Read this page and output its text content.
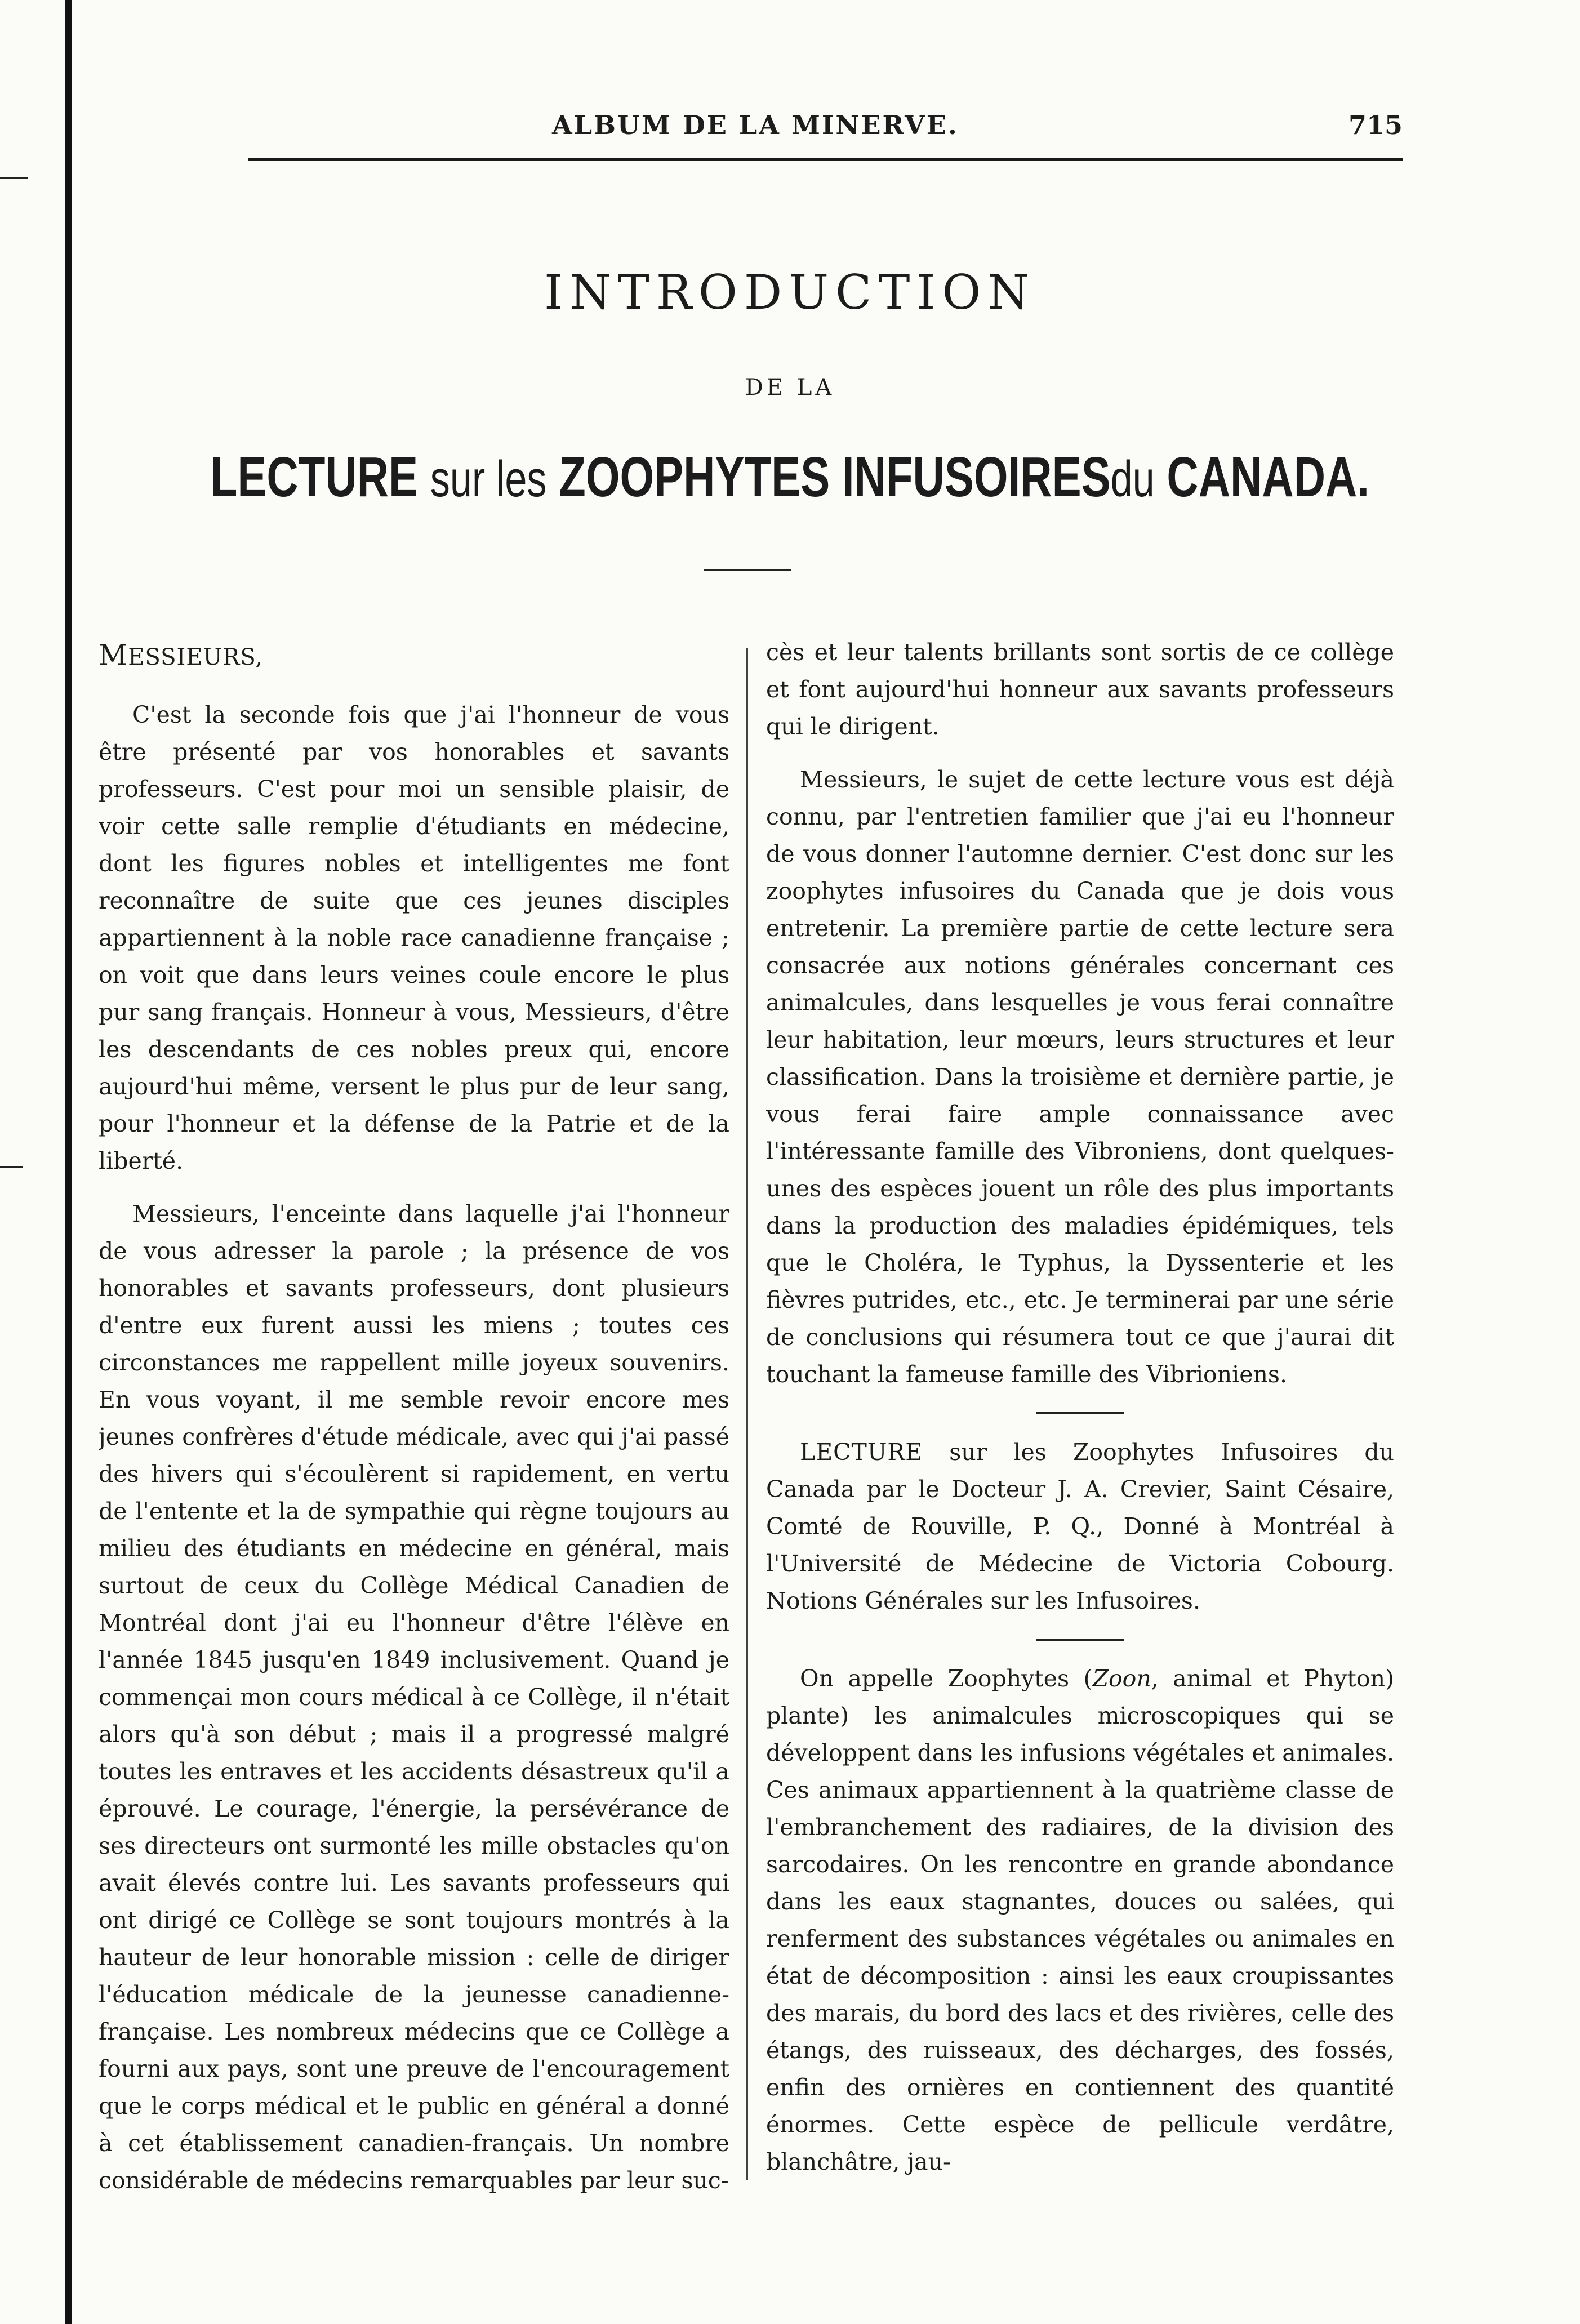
ALBUM DE LA MINERVE.	715
INTRODUCTION
DE LA
LECTURE sur les ZOOPHYTES INFUSOIRESdu CANADA.
MESSIEURS,

C'est la seconde fois que j'ai l'honneur de vous être présenté par vos honorables et savants professeurs. C'est pour moi un sensible plaisir, de voir cette salle remplie d'étudiants en médecine, dont les figures nobles et intelligentes me font reconnaître de suite que ces jeunes disciples appartiennent à la noble race canadienne française ; on voit que dans leurs veines coule encore le plus pur sang français. Honneur à vous, Messieurs, d'être les descendants de ces nobles preux qui, encore aujourd'hui même, versent le plus pur de leur sang, pour l'honneur et la défense de la Patrie et de la liberté.

Messieurs, l'enceinte dans laquelle j'ai l'honneur de vous adresser la parole ; la présence de vos honorables et savants professeurs, dont plusieurs d'entre eux furent aussi les miens ; toutes ces circonstances me rappellent mille joyeux souvenirs. En vous voyant, il me semble revoir encore mes jeunes confrères d'étude médicale, avec qui j'ai passé des hivers qui s'écoulèrent si rapidement, en vertu de l'entente et la de sympathie qui règne toujours au milieu des étudiants en médecine en général, mais surtout de ceux du Collège Médical Canadien de Montréal dont j'ai eu l'honneur d'être l'élève en l'année 1845 jusqu'en 1849 inclusivement. Quand je commençai mon cours médical à ce Collège, il n'était alors qu'à son début ; mais il a progressé malgré toutes les entraves et les accidents désastreux qu'il a éprouvé. Le courage, l'énergie, la persévérance de ses directeurs ont surmonté les mille obstacles qu'on avait élevés contre lui. Les savants professeurs qui ont dirigé ce Collège se sont toujours montrés à la hauteur de leur honorable mission : celle de diriger l'éducation médicale de la jeunesse canadienne-française. Les nombreux médecins que ce Collège a fourni aux pays, sont une preuve de l'encouragement que le corps médical et le public en général a donné à cet établissement canadien-français. Un nombre considérable de médecins remarquables par leur suc-

cès et leur talents brillants sont sortis de ce collège et font aujourd'hui honneur aux savants professeurs qui le dirigent.

Messieurs, le sujet de cette lecture vous est déjà connu, par l'entretien familier que j'ai eu l'honneur de vous donner l'automne dernier. C'est donc sur les zoophytes infusoires du Canada que je dois vous entretenir. La première partie de cette lecture sera consacrée aux notions générales concernant ces animalcules, dans lesquelles je vous ferai connaître leur habitation, leur mœurs, leurs structures et leur classification. Dans la troisième et dernière partie, je vous ferai faire ample connaissance avec l'intéressante famille des Vibroniens, dont quelques-unes des espèces jouent un rôle des plus importants dans la production des maladies épidémiques, tels que le Choléra, le Typhus, la Dyssenterie et les fièvres putrides, etc., etc. Je terminerai par une série de conclusions qui résumera tout ce que j'aurai dit touchant la fameuse famille des Vibrioniens.

LECTURE sur les Zoophytes Infusoires du Canada par le Docteur J. A. Crevier, Saint Césaire, Comté de Rouville, P. Q., Donné à Montréal à l'Université de Médecine de Victoria Cobourg. Notions Générales sur les Infusoires.

On appelle Zoophytes (Zoon, animal et Phyton) plante) les animalcules microscopiques qui se développent dans les infusions végétales et animales. Ces animaux appartiennent à la quatrième classe de l'embranchement des radiaires, de la division des sarcodaires. On les rencontre en grande abondance dans les eaux stagnantes, douces ou salées, qui renferment des substances végétales ou animales en état de décomposition : ainsi les eaux croupissantes des marais, du bord des lacs et des rivières, celle des étangs, des ruisseaux, des décharges, des fossés, enfin des ornières en contiennent des quantité énormes. Cette espèce de pellicule verdâtre, blanchâtre, jau-
